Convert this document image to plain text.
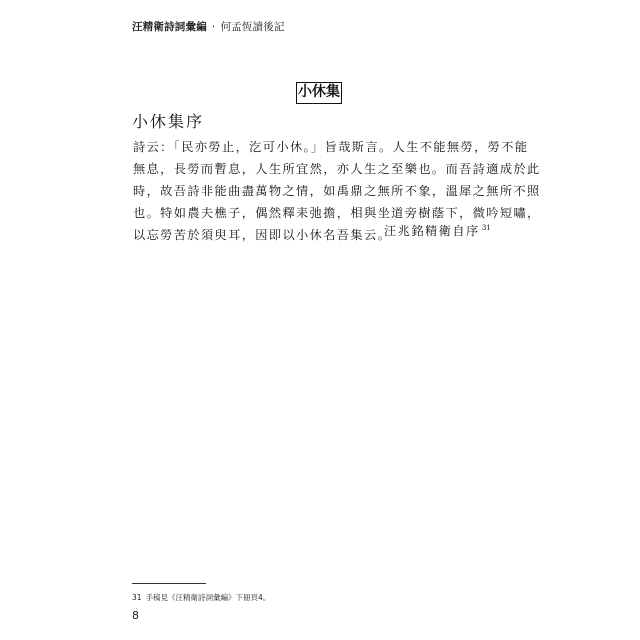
汪精衛詩詞彙編 · 何孟恆讀後記
小休集
小休集序
詩云：「民亦勞止，汔可小休。」旨哉斯言。人生不能無勞，勞不能
無息，長勞而暫息，人生所宜然，亦人生之至樂也。而吾詩適成於此
時，故吾詩非能曲盡萬物之情，如禹鼎之無所不象，溫犀之無所不照
也。特如農夫樵子，偶然釋耒弛擔，相與坐道旁樹蔭下，微吟短嘯，
以忘勞苦於須臾耳，因即以小休名吾集云。
汪兆銘精衛自序 $^{31}$
31 手稿見《汪精衛詩詞彙編》下冊頁4。
8
